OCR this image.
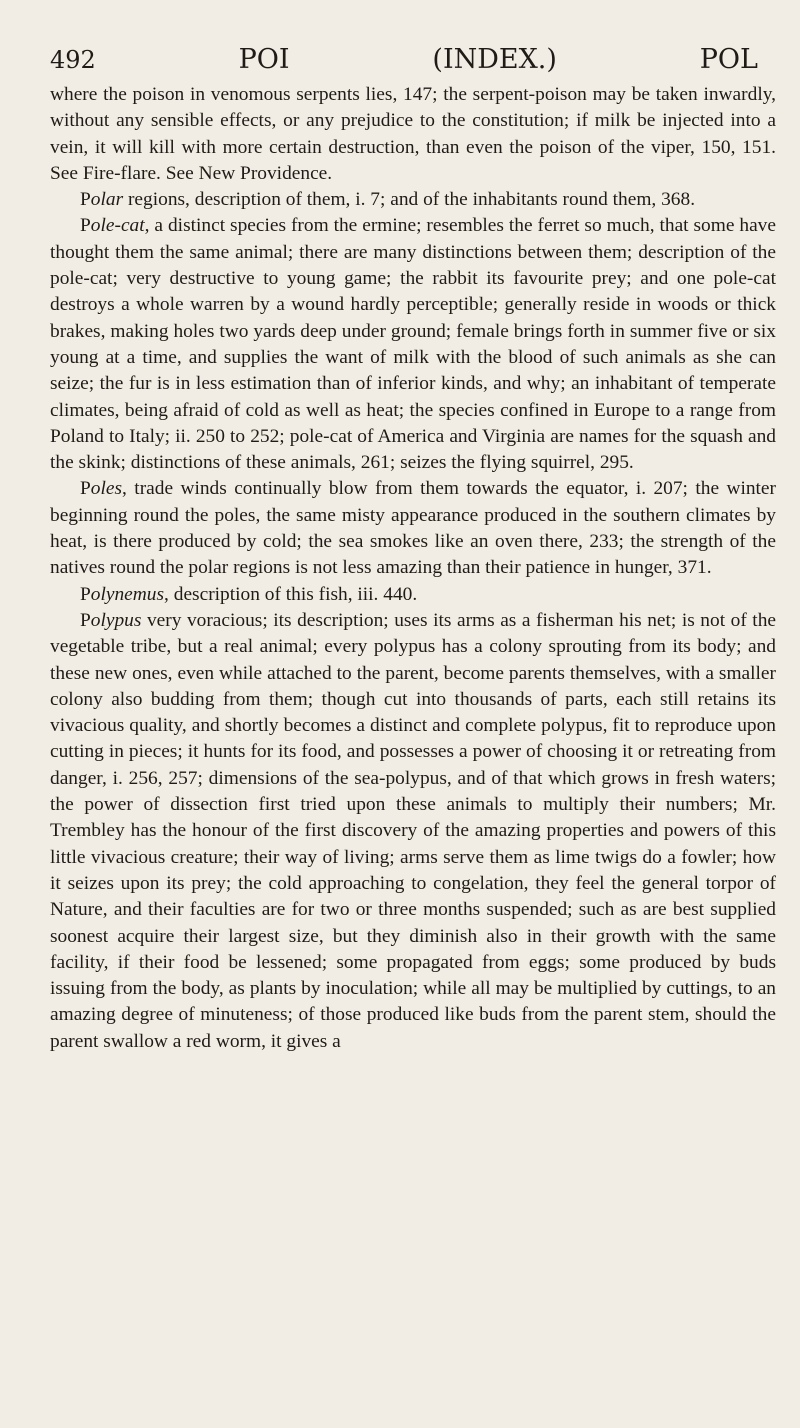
492	POI	(INDEX.)	POL

where the poison in venomous serpents lies, 147; the serpent-poison may be taken inwardly, without any sensible effects, or any prejudice to the constitution; if milk be injected into a vein, it will kill with more certain destruction, than even the poison of the viper, 150, 151. See Fire-flare. See New Providence.

Polar regions, description of them, i. 7; and of the inhabitants round them, 368.

Pole-cat, a distinct species from the ermine; resembles the ferret so much, that some have thought them the same animal; there are many distinctions between them; description of the pole-cat; very destructive to young game; the rabbit its favourite prey; and one pole-cat destroys a whole warren by a wound hardly perceptible; generally reside in woods or thick brakes, making holes two yards deep under ground; female brings forth in summer five or six young at a time, and supplies the want of milk with the blood of such animals as she can seize; the fur is in less estimation than of inferior kinds, and why; an inhabitant of temperate climates, being afraid of cold as well as heat; the species confined in Europe to a range from Poland to Italy; ii. 250 to 252; pole-cat of America and Virginia are names for the squash and the skink; distinctions of these animals, 261; seizes the flying squirrel, 295.

Poles, trade winds continually blow from them towards the equator, i. 207; the winter beginning round the poles, the same misty appearance produced in the southern climates by heat, is there produced by cold; the sea smokes like an oven there, 233; the strength of the natives round the polar regions is not less amazing than their patience in hunger, 371.

Polynemus, description of this fish, iii. 440.

Polypus very voracious; its description; uses its arms as a fisherman his net; is not of the vegetable tribe, but a real animal; every polypus has a colony sprouting from its body; and these new ones, even while attached to the parent, become parents themselves, with a smaller colony also budding from them; though cut into thousands of parts, each still retains its vivacious quality, and shortly becomes a distinct and complete polypus, fit to reproduce upon cutting in pieces; it hunts for its food, and possesses a power of choosing it or retreating from danger, i. 256, 257; dimensions of the sea-polypus, and of that which grows in fresh waters; the power of dissection first tried upon these animals to multiply their numbers; Mr. Trembley has the honour of the first discovery of the amazing properties and powers of this little vivacious creature; their way of living; arms serve them as lime twigs do a fowler; how it seizes upon its prey; the cold approaching to congelation, they feel the general torpor of Nature, and their faculties are for two or three months suspended; such as are best supplied soonest acquire their largest size, but they diminish also in their growth with the same facility, if their food be lessened; some propagated from eggs; some produced by buds issuing from the body, as plants by inoculation; while all may be multiplied by cuttings, to an amazing degree of minuteness; of those produced like buds from the parent stem, should the parent swallow a red worm, it gives a
